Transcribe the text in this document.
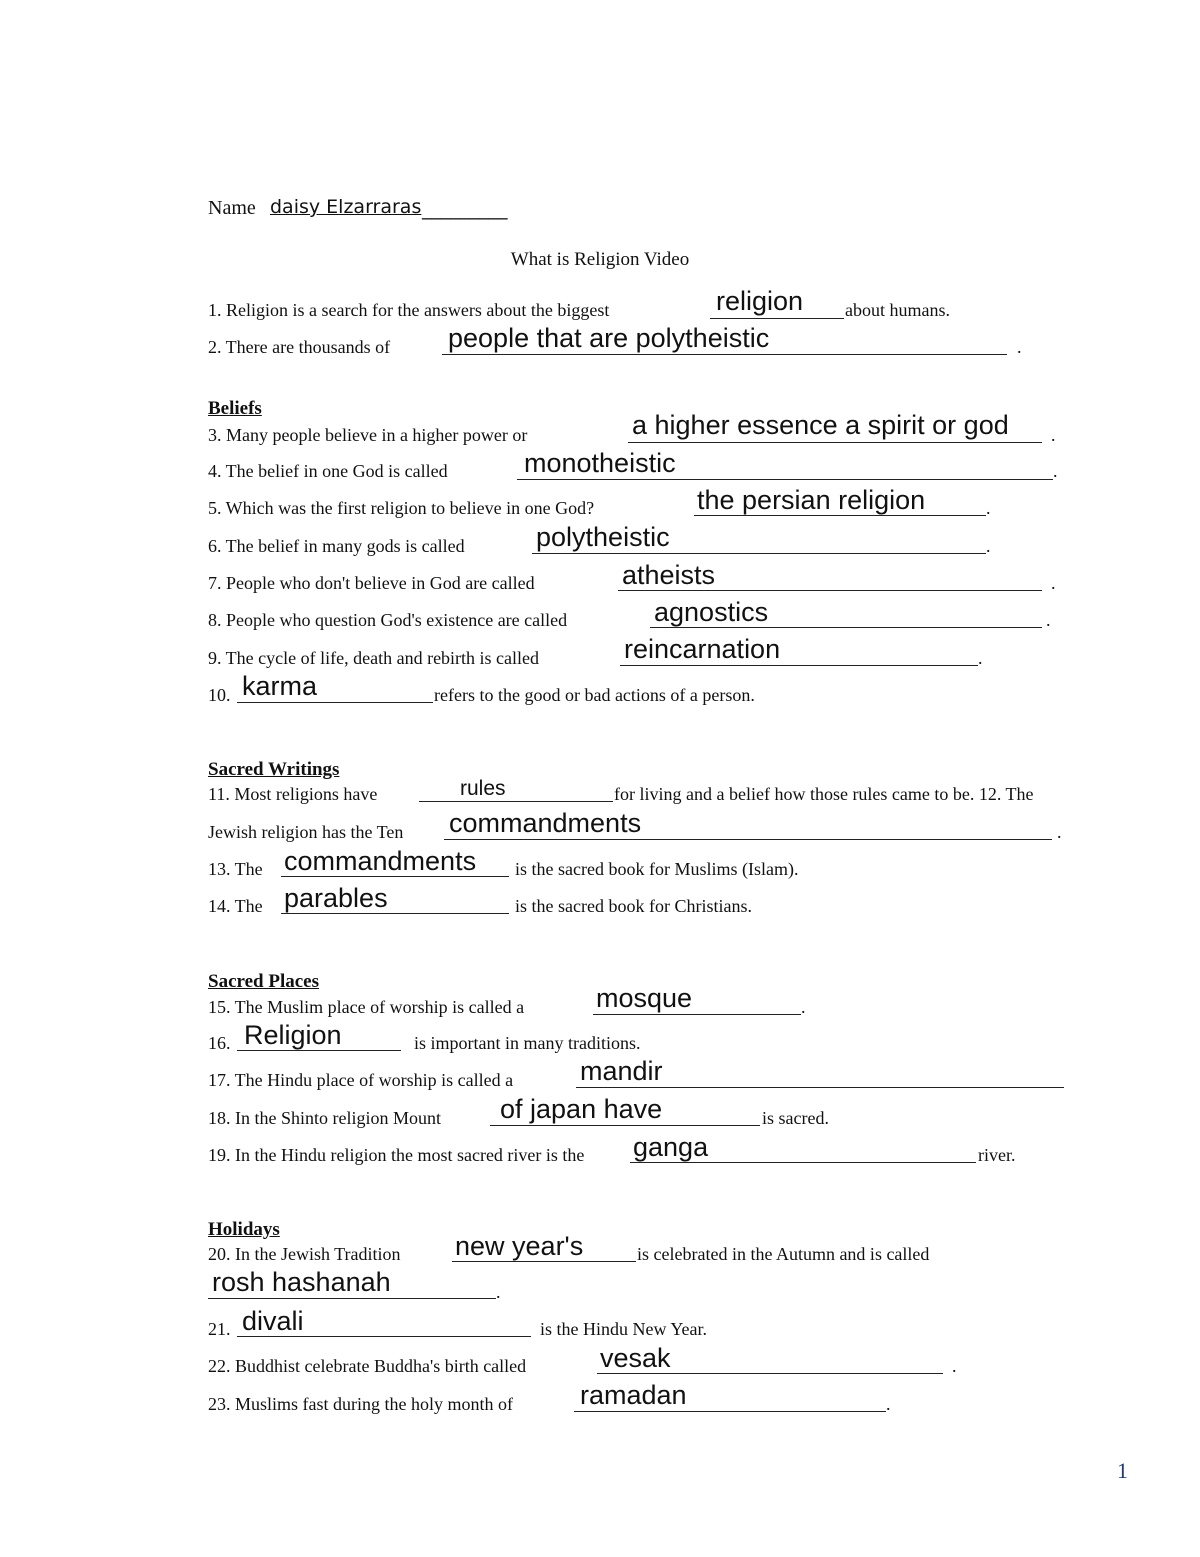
Name daisy Elzarraras _________
What is Religion Video
1. Religion is a search for the answers about the biggest	religion about humans.
2. There are thousands of people that are polytheistic	.
Beliefs
3. Many people believe in a higher power or	a higher essence a spirit or god .
4. The belief in one God is called	monotheistic	.
5. Which was the first religion to believe in one God?	the persian religion	.
6. The belief in many gods is called	polytheistic	.
7. People who don't believe in God are called	atheists	.
8. People who question God's existence are called	agnostics	.
9. The cycle of life, death and rebirth is called	reincarnation	.
10. karma	refers to the good or bad actions of a person.
Sacred Writings
11. Most religions have	rules	for living and a belief how those rules came to be. 12. The
Jewish religion has the Ten commandments	.
13. The commandments is the sacred book for Muslims (Islam).
14. The parables	is the sacred book for Christians.
Sacred Places
15. The Muslim place of worship is called a	mosque	.
16. Religion	is important in many traditions.
17. The Hindu place of worship is called a mandir
18. In the Shinto religion Mount of japan have	is sacred.
19. In the Hindu religion the most sacred river is the ganga	river.
Holidays
20. In the Jewish Tradition new year's	is celebrated in the Autumn and is called
rosh hashanah	.
21. divali	is the Hindu New Year.
22. Buddhist celebrate Buddha's birth called	vesak	.
23. Muslims fast during the holy month of ramadan	.
1
